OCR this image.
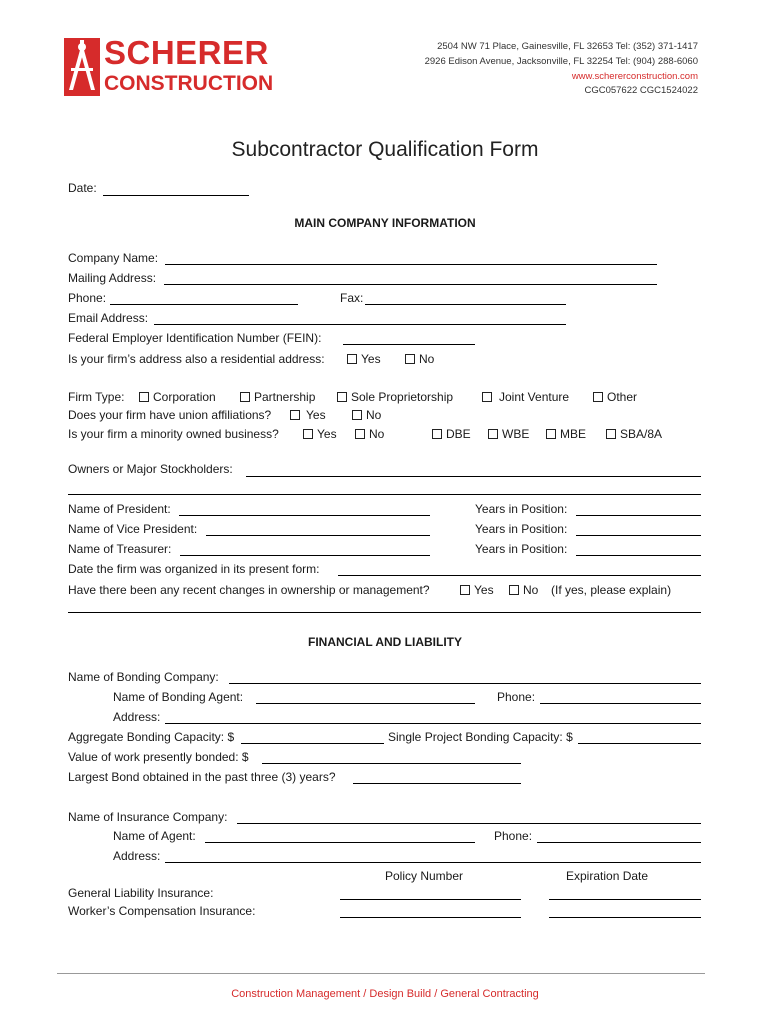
SCHERER
CONSTRUCTION
2504 NW 71 Place, Gainesville, FL 32653 Tel: (352) 371-1417
2926 Edison Avenue, Jacksonville, FL 32254 Tel: (904) 288-6060
www.schererconstruction.com
CGC057622 CGC1524022
Subcontractor Qualification Form
Date:
MAIN COMPANY INFORMATION
Company Name:
Mailing Address:
Phone:	Fax:
Email Address:
Federal Employer Identification Number (FEIN):
Is your firm’s address also a residential address:	Yes	No
Firm Type:	Corporation	Partnership	Sole Proprietorship	Joint Venture	Other
Does your firm have union affiliations?	Yes	No
Is your firm a minority owned business?	Yes	No	DBE	WBE	MBE	SBA/8A
Owners or Major Stockholders:
Name of President:	Years in Position:
Name of Vice President:	Years in Position:
Name of Treasurer:	Years in Position:
Date the firm was organized in its present form:
Have there been any recent changes in ownership or management?	Yes	No (If yes, please explain)
FINANCIAL AND LIABILITY
Name of Bonding Company:
Name of Bonding Agent:	Phone:
Address:
Aggregate Bonding Capacity: $	Single Project Bonding Capacity: $
Value of work presently bonded: $
Largest Bond obtained in the past three (3) years?
Name of Insurance Company:
Name of Agent:	Phone:
Address:
Policy Number	Expiration Date
General Liability Insurance:
Worker’s Compensation Insurance:
Construction Management / Design Build / General Contracting
